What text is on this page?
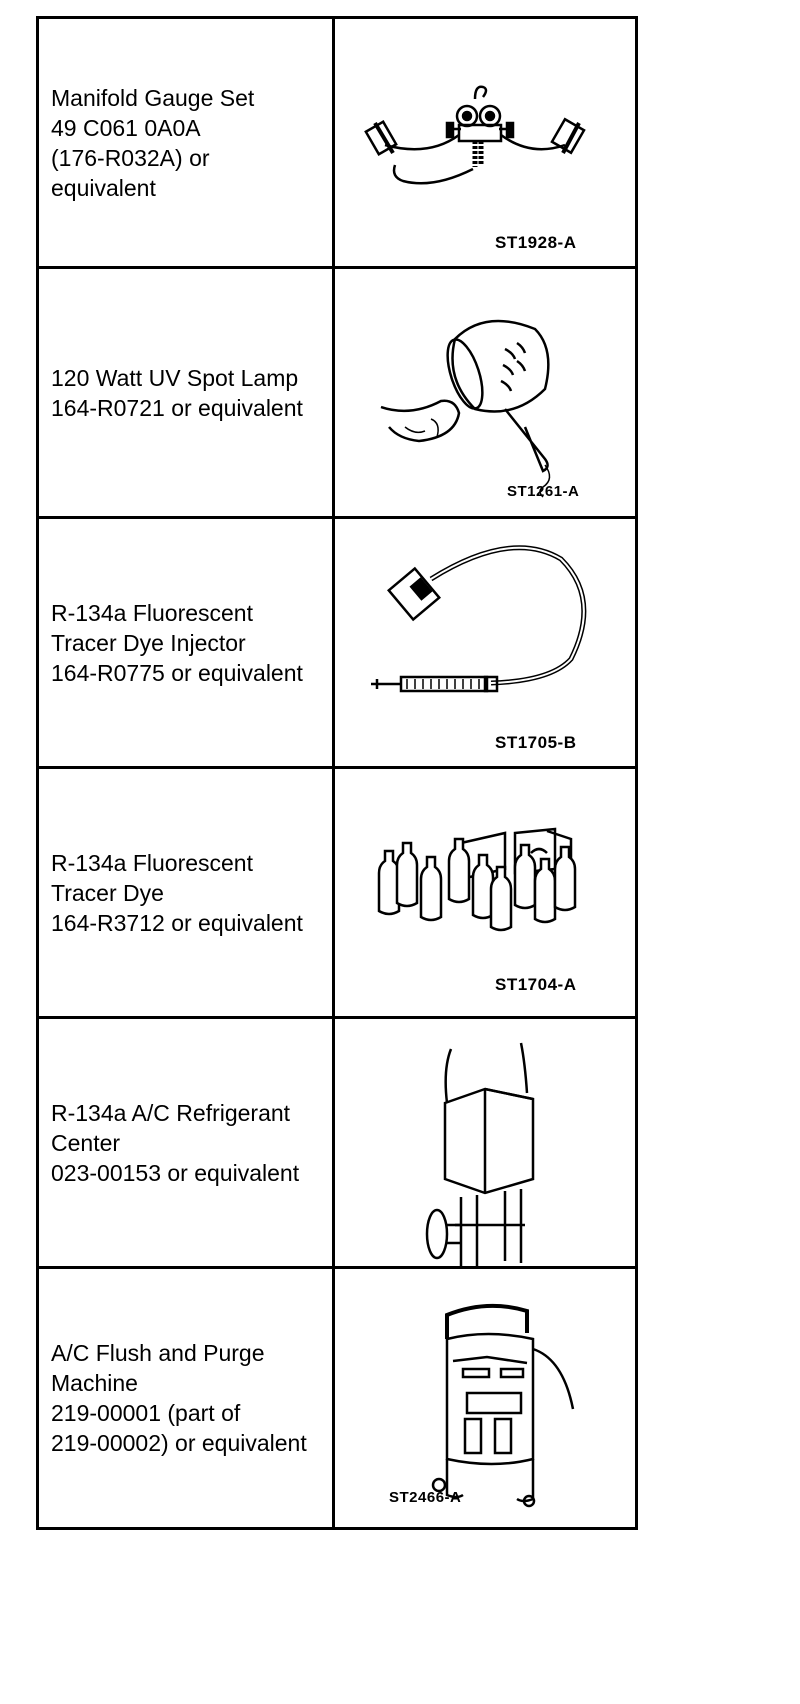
Manifold Gauge Set
49 C061 0A0A
(176-R032A) or
equivalent
ST1928-A
120 Watt UV Spot Lamp
164-R0721 or equivalent
ST1261-A
R-134a Fluorescent
Tracer Dye Injector
164-R0775 or equivalent
ST1705-B
R-134a Fluorescent
Tracer Dye
164-R3712 or equivalent
ST1704-A
R-134a A/C Refrigerant
Center
023-00153 or equivalent
A/C Flush and Purge
Machine
219-00001 (part of
219-00002) or equivalent
ST2466-A
